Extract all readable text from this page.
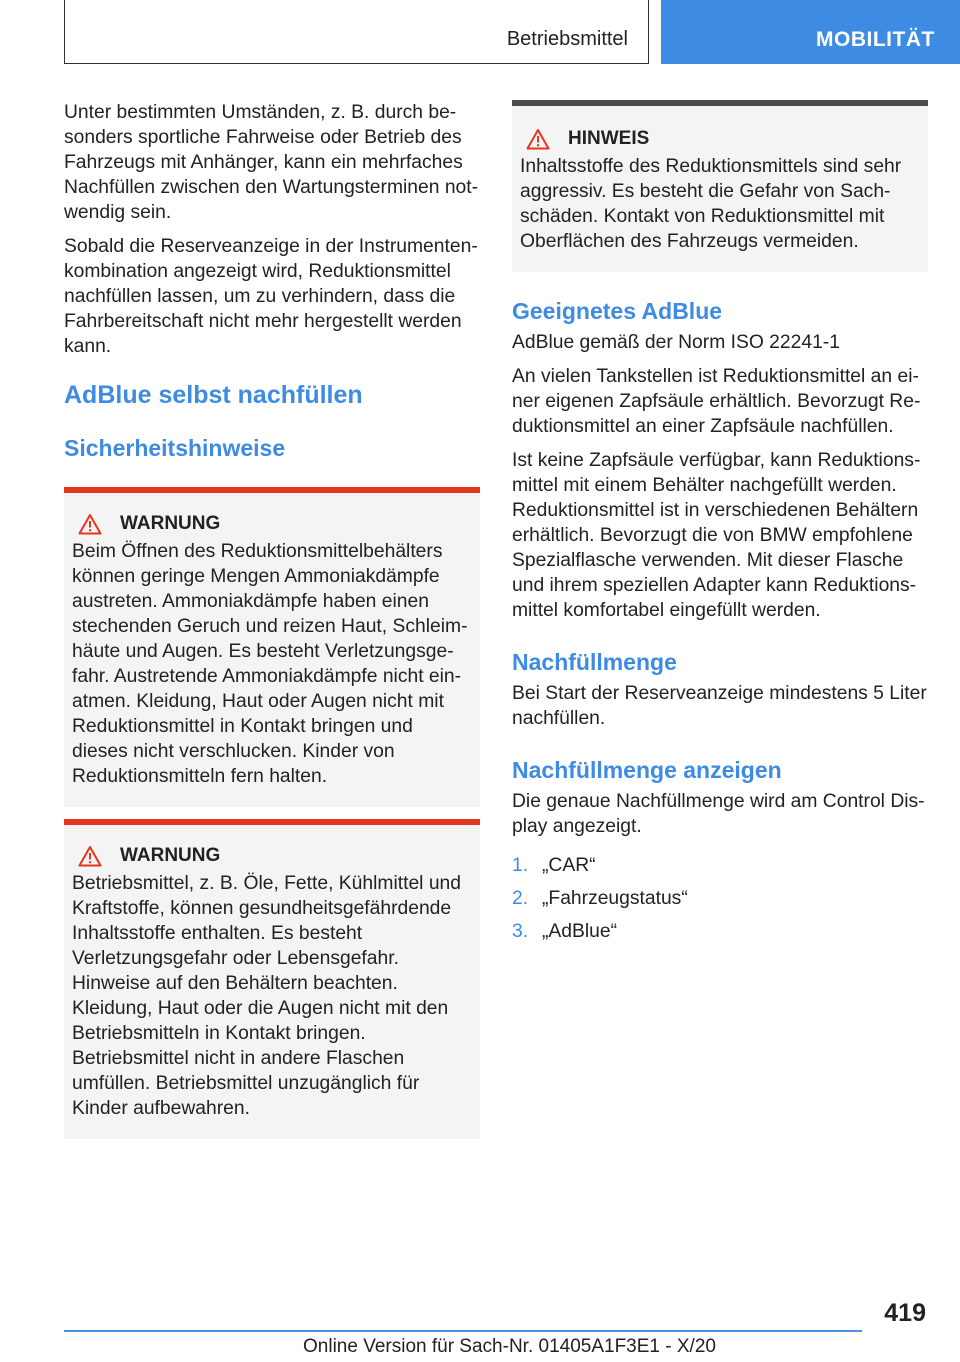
Betriebsmittel	MOBILITÄT

Unter bestimmten Umständen, z. B. durch besonders sportliche Fahrweise oder Betrieb des Fahrzeugs mit Anhänger, kann ein mehrfaches Nachfüllen zwischen den Wartungsterminen notwendig sein.

Sobald die Reserveanzeige in der Instrumentenkombination angezeigt wird, Reduktionsmittel nachfüllen lassen, um zu verhindern, dass die Fahrbereitschaft nicht mehr hergestellt werden kann.

AdBlue selbst nachfüllen
Sicherheitshinweise
WARNUNG
Beim Öffnen des Reduktionsmittelbehälters können geringe Mengen Ammoniakdämpfe austreten. Ammoniakdämpfe haben einen stechenden Geruch und reizen Haut, Schleimhäute und Augen. Es besteht Verletzungsgefahr. Austretende Ammoniakdämpfe nicht einatmen. Kleidung, Haut oder Augen nicht mit Reduktionsmittel in Kontakt bringen und dieses nicht verschlucken. Kinder von Reduktionsmitteln fern halten.
WARNUNG
Betriebsmittel, z. B. Öle, Fette, Kühlmittel und Kraftstoffe, können gesundheitsgefährdende Inhaltsstoffe enthalten. Es besteht Verletzungsgefahr oder Lebensgefahr. Hinweise auf den Behältern beachten. Kleidung, Haut oder die Augen nicht mit den Betriebsmitteln in Kontakt bringen. Betriebsmittel nicht in andere Flaschen umfüllen. Betriebsmittel unzugänglich für Kinder aufbewahren.
HINWEIS
Inhaltsstoffe des Reduktionsmittels sind sehr aggressiv. Es besteht die Gefahr von Sachschäden. Kontakt von Reduktionsmittel mit Oberflächen des Fahrzeugs vermeiden.
Geeignetes AdBlue

AdBlue gemäß der Norm ISO 22241-1

An vielen Tankstellen ist Reduktionsmittel an einer eigenen Zapfsäule erhältlich. Bevorzugt Reduktionsmittel an einer Zapfsäule nachfüllen.

Ist keine Zapfsäule verfügbar, kann Reduktionsmittel mit einem Behälter nachgefüllt werden. Reduktionsmittel ist in verschiedenen Behältern erhältlich. Bevorzugt die von BMW empfohlene Spezialflasche verwenden. Mit dieser Flasche und ihrem speziellen Adapter kann Reduktionsmittel komfortabel eingefüllt werden.

Nachfüllmenge

Bei Start der Reserveanzeige mindestens 5 Liter nachfüllen.

Nachfüllmenge anzeigen

Die genaue Nachfüllmenge wird am Control Display angezeigt.

1. „CAR“
2. „Fahrzeugstatus“
3. „AdBlue“
419
Online Version für Sach-Nr. 01405A1F3E1 - X/20
